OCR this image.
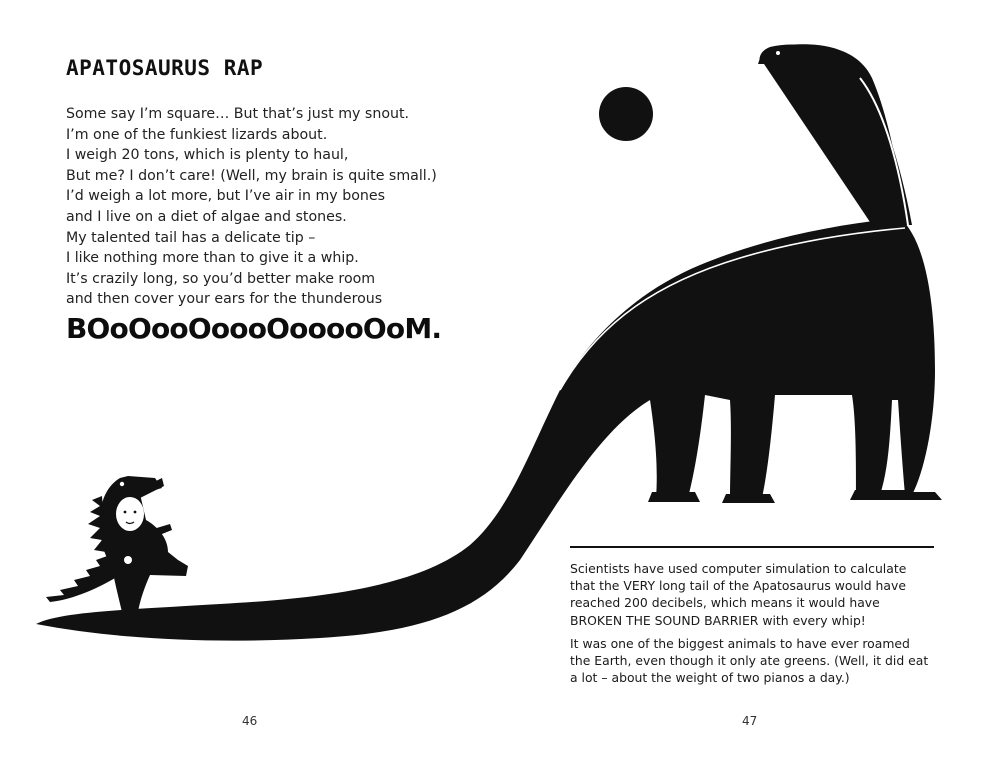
APATOSAURUS RAP
Some say I’m square… But that’s just my snout.
I’m one of the funkiest lizards about.
I weigh 20 tons, which is plenty to haul,
But me? I don’t care! (Well, my brain is quite small.)
I’d weigh a lot more, but I’ve air in my bones
and I live on a diet of algae and stones.
My talented tail has a delicate tip –
I like nothing more than to give it a whip.
It’s crazily long, so you’d better make room
and then cover your ears for the thunderous

BOoOooOoooOooooOoM.

46	47

Scientists have used computer simulation to calculate that the VERY long tail of the Apatosaurus would have reached 200 decibels, which means it would have BROKEN THE SOUND BARRIER with every whip!

It was one of the biggest animals to have ever roamed the Earth, even though it only ate greens. (Well, it did eat a lot – about the weight of two pianos a day.)
